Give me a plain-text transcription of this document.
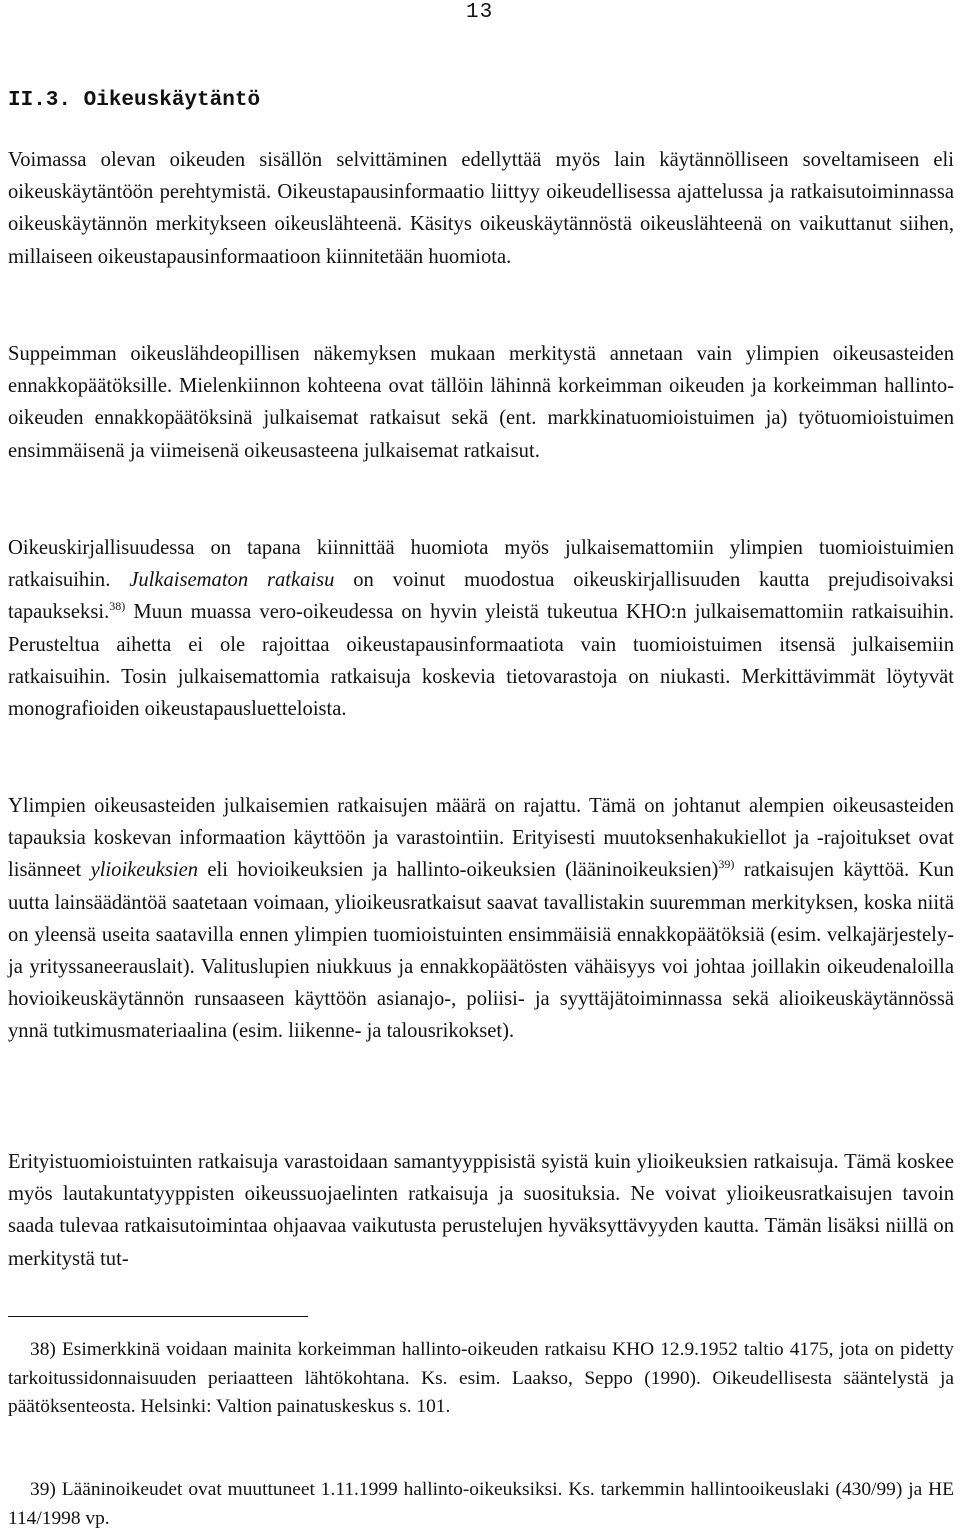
13
II.3. Oikeuskäytäntö

Voimassa olevan oikeuden sisällön selvittäminen edellyttää myös lain käytännölliseen soveltamiseen eli oikeuskäytäntöön perehtymistä. Oikeustapausinformaatio liittyy oikeudellisessa ajattelussa ja ratkaisutoiminnassa oikeuskäytännön merkitykseen oikeuslähteenä. Käsitys oikeuskäytännöstä oikeuslähteenä on vaikuttanut siihen, millaiseen oikeustapausinformaatioon kiinnitetään huomiota.

Suppeimman oikeuslähdeopillisen näkemyksen mukaan merkitystä annetaan vain ylimpien oikeusasteiden ennakkopäätöksille. Mielenkiinnon kohteena ovat tällöin lähinnä korkeimman oikeuden ja korkeimman hallinto-oikeuden ennakkopäätöksinä julkaisemat ratkaisut sekä (ent. markkinatuomioistuimen ja) työtuomioistuimen ensimmäisenä ja viimeisenä oikeusasteena julkaisemat ratkaisut.

Oikeuskirjallisuudessa on tapana kiinnittää huomiota myös julkaisemattomiin ylimpien tuomioistuimien ratkaisuihin. Julkaisematon ratkaisu on voinut muodostua oikeuskirjallisuuden kautta prejudisoivaksi tapaukseksi.$^{38)}$ Muun muassa vero-oikeudessa on hyvin yleistä tukeutua KHO:n julkaisemattomiin ratkaisuihin. Perusteltua aihetta ei ole rajoittaa oikeustapausinformaatiota vain tuomioistuimen itsensä julkaisemiin ratkaisuihin. Tosin julkaisemattomia ratkaisuja koskevia tietovarastoja on niukasti. Merkittävimmät löytyvät monografioiden oikeustapausluetteloista.

Ylimpien oikeusasteiden julkaisemien ratkaisujen määrä on rajattu. Tämä on johtanut alempien oikeusasteiden tapauksia koskevan informaation käyttöön ja varastointiin. Erityisesti muutoksenhakukiellot ja -rajoitukset ovat lisänneet ylioikeuksien eli hovioikeuksien ja hallinto-oikeuksien (lääninoikeuksien)$^{39)}$ ratkaisujen käyttöä. Kun uutta lainsäädäntöä saatetaan voimaan, ylioikeusratkaisut saavat tavallistakin suuremman merkityksen, koska niitä on yleensä useita saatavilla ennen ylimpien tuomioistuinten ensimmäisiä ennakkopäätöksiä (esim. velkajärjestely- ja yrityssaneerauslait). Valituslupien niukkuus ja ennakkopäätösten vähäisyys voi johtaa joillakin oikeudenaloilla hovioikeuskäytännön runsaaseen käyttöön asianajo-, poliisi- ja syyttäjätoiminnassa sekä alioikeuskäytännössä ynnä tutkimusmateriaalina (esim. liikenne- ja talousrikokset).

Erityistuomioistuinten ratkaisuja varastoidaan samantyyppisistä syistä kuin ylioikeuksien ratkaisuja. Tämä koskee myös lautakuntatyyppisten oikeussuojaelinten ratkaisuja ja suosituksia. Ne voivat ylioikeusratkaisujen tavoin saada tulevaa ratkaisutoimintaa ohjaavaa vaikutusta perustelujen hyväksyttävyyden kautta. Tämän lisäksi niillä on merkitystä tut-

38) Esimerkkinä voidaan mainita korkeimman hallinto-oikeuden ratkaisu KHO 12.9.1952 taltio 4175, jota on pidetty tarkoitussidonnaisuuden periaatteen lähtökohtana. Ks. esim. Laakso, Seppo (1990). Oikeudellisesta sääntelystä ja päätöksenteosta. Helsinki: Valtion painatuskeskus s. 101.

39) Lääninoikeudet ovat muuttuneet 1.11.1999 hallinto-oikeuksiksi. Ks. tarkemmin hallintooikeuslaki (430/99) ja HE 114/1998 vp.
